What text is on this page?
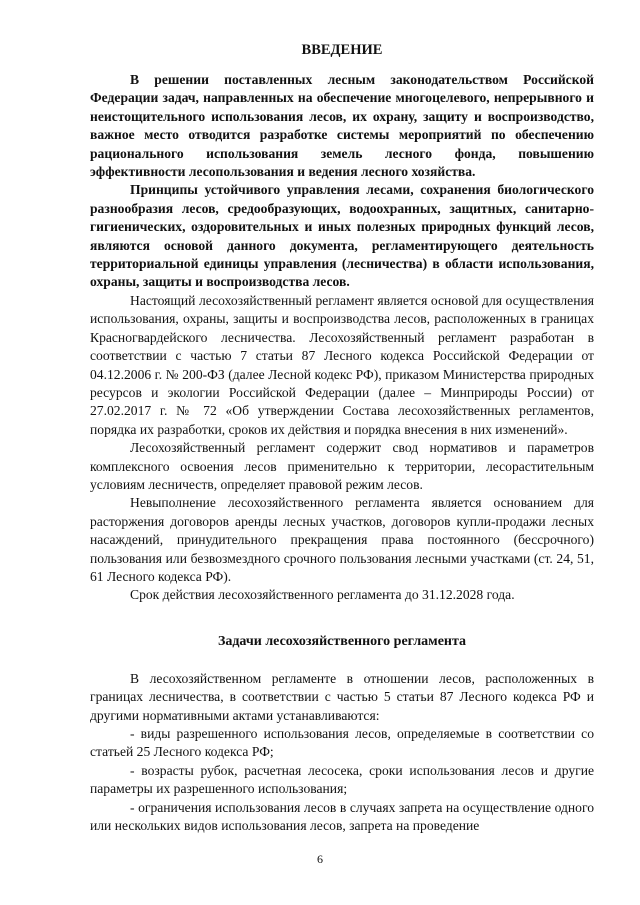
ВВЕДЕНИЕ

В решении поставленных лесным законодательством Российской Федерации задач, направленных на обеспечение многоцелевого, непрерывного и неистощительного использования лесов, их охрану, защиту и воспроизводство, важное место отводится разработке системы мероприятий по обеспечению рационального использования земель лесного фонда, повышению эффективности лесопользования и ведения лесного хозяйства.

Принципы устойчивого управления лесами, сохранения биологического разнообразия лесов, средообразующих, водоохранных, защитных, санитарно-гигиенических, оздоровительных и иных полезных природных функций лесов, являются основой данного документа, регламентирующего деятельность территориальной единицы управления (лесничества) в области использования, охраны, защиты и воспроизводства лесов.

Настоящий лесохозяйственный регламент является основой для осуществления использования, охраны, защиты и воспроизводства лесов, расположенных в границах Красногвардейского лесничества. Лесохозяйственный регламент разработан в соответствии с частью 7 статьи 87 Лесного кодекса Российской Федерации от 04.12.2006 г. № 200-ФЗ (далее Лесной кодекс РФ), приказом Министерства природных ресурсов и экологии Российской Федерации (далее – Минприроды России) от 27.02.2017 г. № 72 «Об утверждении Состава лесохозяйственных регламентов, порядка их разработки, сроков их действия и порядка внесения в них изменений».

Лесохозяйственный регламент содержит свод нормативов и параметров комплексного освоения лесов применительно к территории, лесорастительным условиям лесничеств, определяет правовой режим лесов.

Невыполнение лесохозяйственного регламента является основанием для расторжения договоров аренды лесных участков, договоров купли-продажи лесных насаждений, принудительного прекращения права постоянного (бессрочного) пользования или безвозмездного срочного пользования лесными участками (ст. 24, 51, 61 Лесного кодекса РФ).

Срок действия лесохозяйственного регламента до 31.12.2028 года.

Задачи лесохозяйственного регламента

В лесохозяйственном регламенте в отношении лесов, расположенных в границах лесничества, в соответствии с частью 5 статьи 87 Лесного кодекса РФ и другими нормативными актами устанавливаются:

- виды разрешенного использования лесов, определяемые в соответствии со статьей 25 Лесного кодекса РФ;

- возрасты рубок, расчетная лесосека, сроки использования лесов и другие параметры их разрешенного использования;

- ограничения использования лесов в случаях запрета на осуществление одного или нескольких видов использования лесов, запрета на проведение

6
